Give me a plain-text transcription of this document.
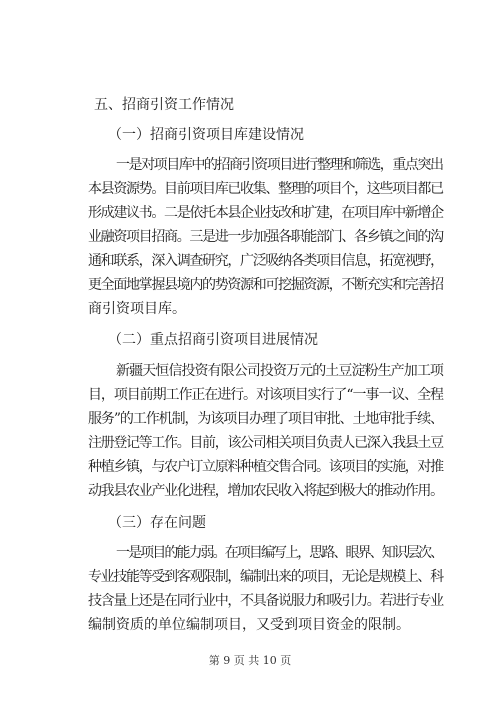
五、招商引资工作情况
（一）招商引资项目库建设情况
一是对项目库中的招商引资项目进行整理和筛选，重点突出
本县资源势。目前项目库已收集、整理的项目个，这些项目都已
形成建议书。二是依托本县企业技改和扩建，在项目库中新增企
业融资项目招商。三是进一步加强各职能部门、各乡镇之间的沟
通和联系，深入调查研究，广泛吸纳各类项目信息，拓宽视野，
更全面地掌握县境内的势资源和可挖掘资源，不断充实和完善招
商引资项目库。
（二）重点招商引资项目进展情况
新疆天恒信投资有限公司投资万元的土豆淀粉生产加工项
目，项目前期工作正在进行。对该项目实行了“一事一议、全程
服务”的工作机制，为该项目办理了项目审批、土地审批手续、
注册登记等工作。目前，该公司相关项目负责人已深入我县土豆
种植乡镇，与农户订立原料种植交售合同。该项目的实施，对推
动我县农业产业化进程，增加农民收入将起到极大的推动作用。
（三）存在问题
一是项目的能力弱。在项目编写上，思路、眼界、知识层次、
专业技能等受到客观限制，编制出来的项目，无论是规模上、科
技含量上还是在同行业中，不具备说服力和吸引力。若进行专业
编制资质的单位编制项目，又受到项目资金的限制。
第 9 页 共 10 页
